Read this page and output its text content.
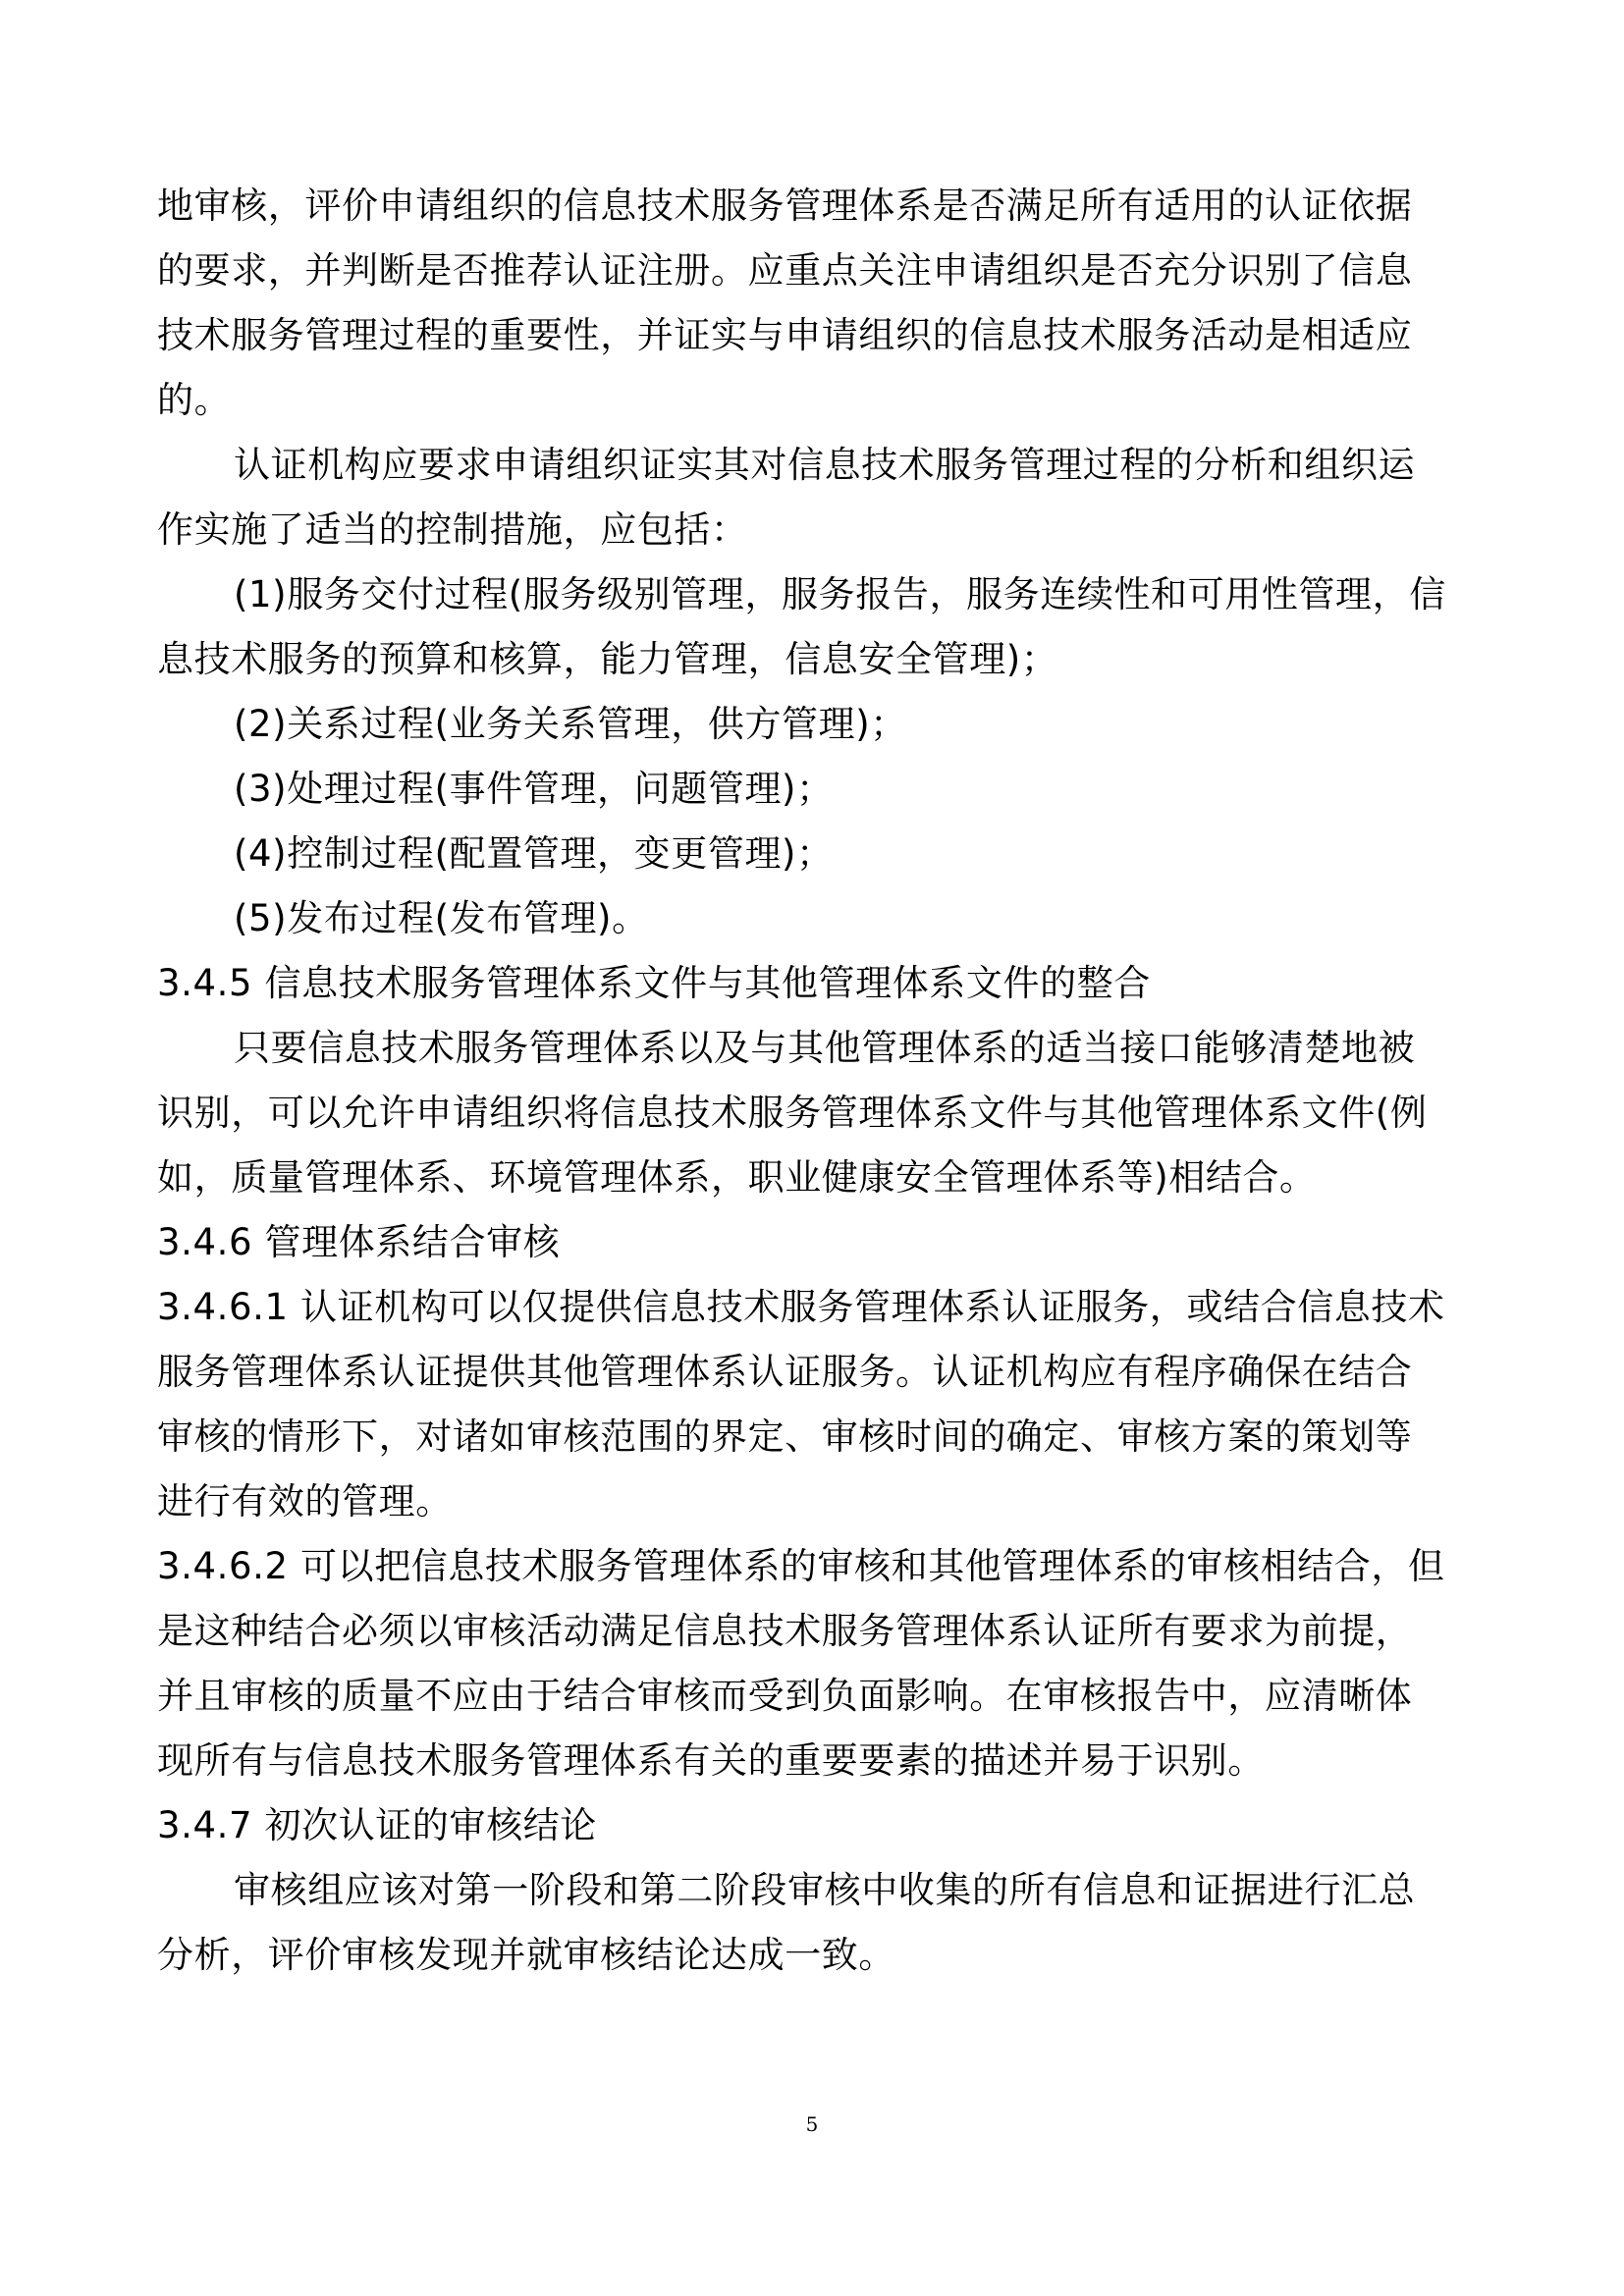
地审核，评价申请组织的信息技术服务管理体系是否满足所有适用的认证依据
的要求，并判断是否推荐认证注册。应重点关注申请组织是否充分识别了信息
技术服务管理过程的重要性，并证实与申请组织的信息技术服务活动是相适应
的。
认证机构应要求申请组织证实其对信息技术服务管理过程的分析和组织运
作实施了适当的控制措施，应包括：
(1)服务交付过程(服务级别管理，服务报告，服务连续性和可用性管理，信
息技术服务的预算和核算，能力管理，信息安全管理)；
(2)关系过程(业务关系管理，供方管理)；
(3)处理过程(事件管理，问题管理)；
(4)控制过程(配置管理，变更管理)；
(5)发布过程(发布管理)。
3.4.5 信息技术服务管理体系文件与其他管理体系文件的整合
只要信息技术服务管理体系以及与其他管理体系的适当接口能够清楚地被
识别，可以允许申请组织将信息技术服务管理体系文件与其他管理体系文件(例
如，质量管理体系、环境管理体系，职业健康安全管理体系等)相结合。
3.4.6 管理体系结合审核
3.4.6.1 认证机构可以仅提供信息技术服务管理体系认证服务，或结合信息技术
服务管理体系认证提供其他管理体系认证服务。认证机构应有程序确保在结合
审核的情形下，对诸如审核范围的界定、审核时间的确定、审核方案的策划等
进行有效的管理。
3.4.6.2 可以把信息技术服务管理体系的审核和其他管理体系的审核相结合，但
是这种结合必须以审核活动满足信息技术服务管理体系认证所有要求为前提，
并且审核的质量不应由于结合审核而受到负面影响。在审核报告中，应清晰体
现所有与信息技术服务管理体系有关的重要要素的描述并易于识别。
3.4.7 初次认证的审核结论
审核组应该对第一阶段和第二阶段审核中收集的所有信息和证据进行汇总
分析，评价审核发现并就审核结论达成一致。
5
